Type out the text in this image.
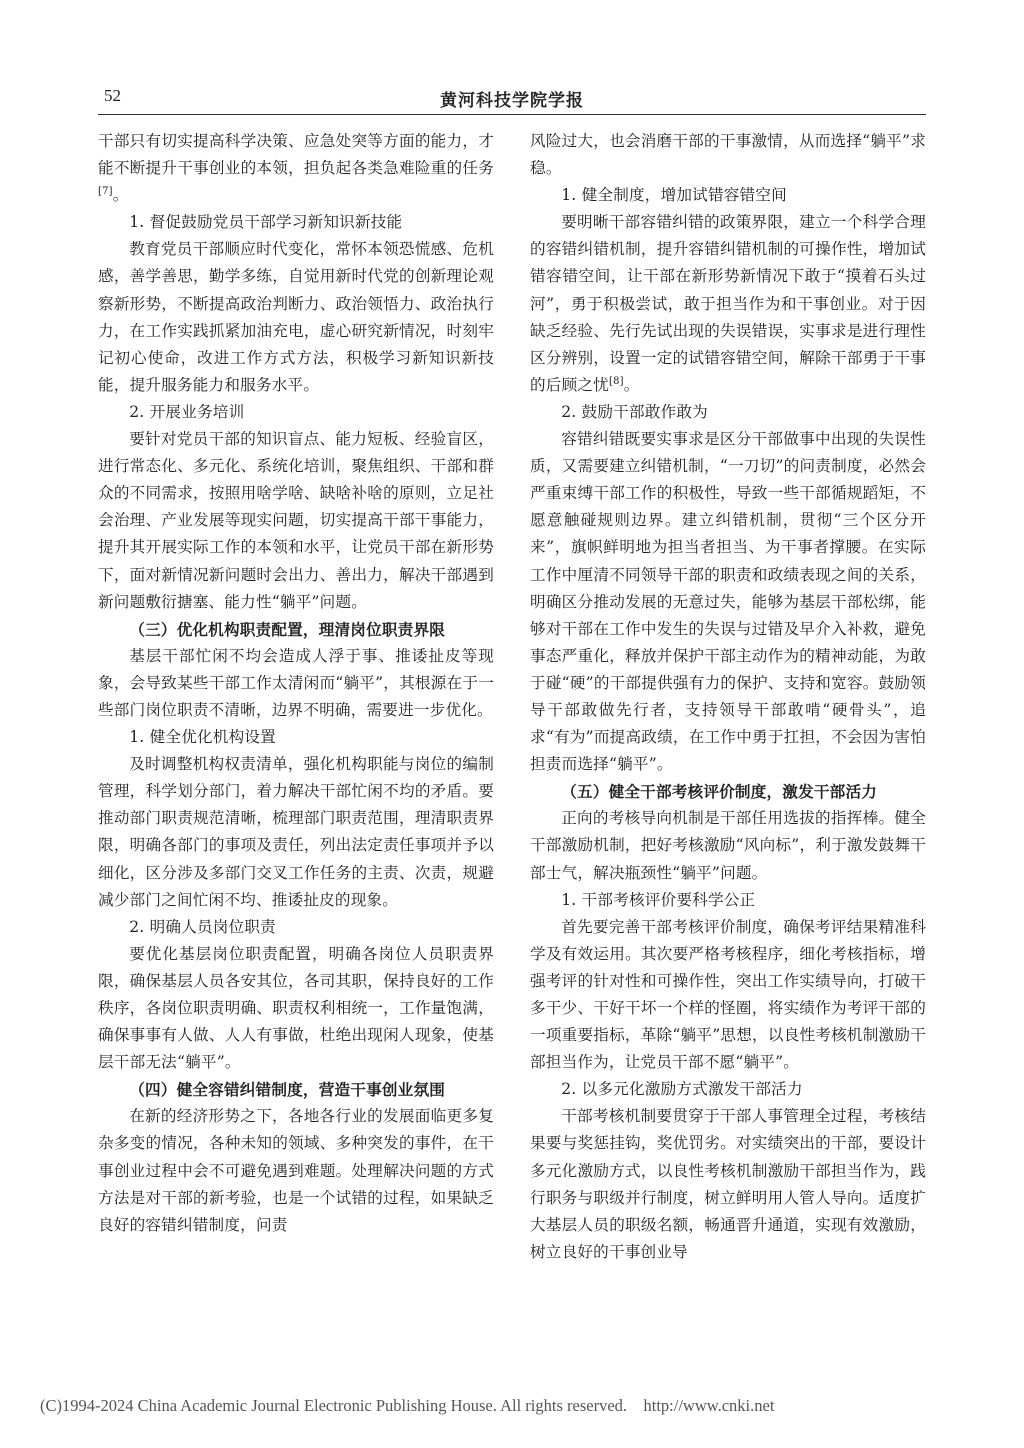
52	黄河科技学院学报

干部只有切实提高科学决策、应急处突等方面的能力，才能不断提升干事创业的本领，担负起各类急难险重的任务[7]。

1. 督促鼓励党员干部学习新知识新技能

教育党员干部顺应时代变化，常怀本领恐慌感、危机感，善学善思，勤学多练，自觉用新时代党的创新理论观察新形势，不断提高政治判断力、政治领悟力、政治执行力，在工作实践抓紧加油充电，虚心研究新情况，时刻牢记初心使命，改进工作方式方法，积极学习新知识新技能，提升服务能力和服务水平。

2. 开展业务培训

要针对党员干部的知识盲点、能力短板、经验盲区，进行常态化、多元化、系统化培训，聚焦组织、干部和群众的不同需求，按照用啥学啥、缺啥补啥的原则，立足社会治理、产业发展等现实问题，切实提高干部干事能力，提升其开展实际工作的本领和水平，让党员干部在新形势下，面对新情况新问题时会出力、善出力，解决干部遇到新问题敷衍搪塞、能力性“躺平”问题。

（三）优化机构职责配置，理清岗位职责界限

基层干部忙闲不均会造成人浮于事、推诿扯皮等现象，会导致某些干部工作太清闲而“躺平”，其根源在于一些部门岗位职责不清晰，边界不明确，需要进一步优化。

1. 健全优化机构设置

及时调整机构权责清单，强化机构职能与岗位的编制管理，科学划分部门，着力解决干部忙闲不均的矛盾。要推动部门职责规范清晰，梳理部门职责范围，理清职责界限，明确各部门的事项及责任，列出法定责任事项并予以细化，区分涉及多部门交叉工作任务的主责、次责，规避减少部门之间忙闲不均、推诿扯皮的现象。

2. 明确人员岗位职责

要优化基层岗位职责配置，明确各岗位人员职责界限，确保基层人员各安其位，各司其职，保持良好的工作秩序，各岗位职责明确、职责权利相统一，工作量饱满，确保事事有人做、人人有事做，杜绝出现闲人现象，使基层干部无法“躺平”。

（四）健全容错纠错制度，营造干事创业氛围

在新的经济形势之下，各地各行业的发展面临更多复杂多变的情况，各种未知的领域、多种突发的事件，在干事创业过程中会不可避免遇到难题。处理解决问题的方式方法是对干部的新考验，也是一个试错的过程，如果缺乏良好的容错纠错制度，问责

风险过大，也会消磨干部的干事激情，从而选择“躺平”求稳。

1. 健全制度，增加试错容错空间

要明晰干部容错纠错的政策界限，建立一个科学合理的容错纠错机制，提升容错纠错机制的可操作性，增加试错容错空间，让干部在新形势新情况下敢于“摸着石头过河”，勇于积极尝试，敢于担当作为和干事创业。对于因缺乏经验、先行先试出现的失误错误，实事求是进行理性区分辨别，设置一定的试错容错空间，解除干部勇于干事的后顾之忧[8]。

2. 鼓励干部敢作敢为

容错纠错既要实事求是区分干部做事中出现的失误性质，又需要建立纠错机制，“一刀切”的问责制度，必然会严重束缚干部工作的积极性，导致一些干部循规蹈矩，不愿意触碰规则边界。建立纠错机制，贯彻“三个区分开来”，旗帜鲜明地为担当者担当、为干事者撑腰。在实际工作中厘清不同领导干部的职责和政绩表现之间的关系，明确区分推动发展的无意过失，能够为基层干部松绑，能够对干部在工作中发生的失误与过错及早介入补救，避免事态严重化，释放并保护干部主动作为的精神动能，为敢于碰“硬”的干部提供强有力的保护、支持和宽容。鼓励领导干部敢做先行者，支持领导干部敢啃“硬骨头”，追求“有为”而提高政绩，在工作中勇于扛担，不会因为害怕担责而选择“躺平”。

（五）健全干部考核评价制度，激发干部活力

正向的考核导向机制是干部任用选拔的指挥棒。健全干部激励机制，把好考核激励“风向标”，利于激发鼓舞干部士气，解决瓶颈性“躺平”问题。

1. 干部考核评价要科学公正

首先要完善干部考核评价制度，确保考评结果精准科学及有效运用。其次要严格考核程序，细化考核指标，增强考评的针对性和可操作性，突出工作实绩导向，打破干多干少、干好干坏一个样的怪圈，将实绩作为考评干部的一项重要指标，革除“躺平”思想，以良性考核机制激励干部担当作为，让党员干部不愿“躺平”。

2. 以多元化激励方式激发干部活力

干部考核机制要贯穿于干部人事管理全过程，考核结果要与奖惩挂钩，奖优罚劣。对实绩突出的干部，要设计多元化激励方式，以良性考核机制激励干部担当作为，践行职务与职级并行制度，树立鲜明用人管人导向。适度扩大基层人员的职级名额，畅通晋升通道，实现有效激励，树立良好的干事创业导

(C)1994-2024 China Academic Journal Electronic Publishing House. All rights reserved. http://www.cnki.net
